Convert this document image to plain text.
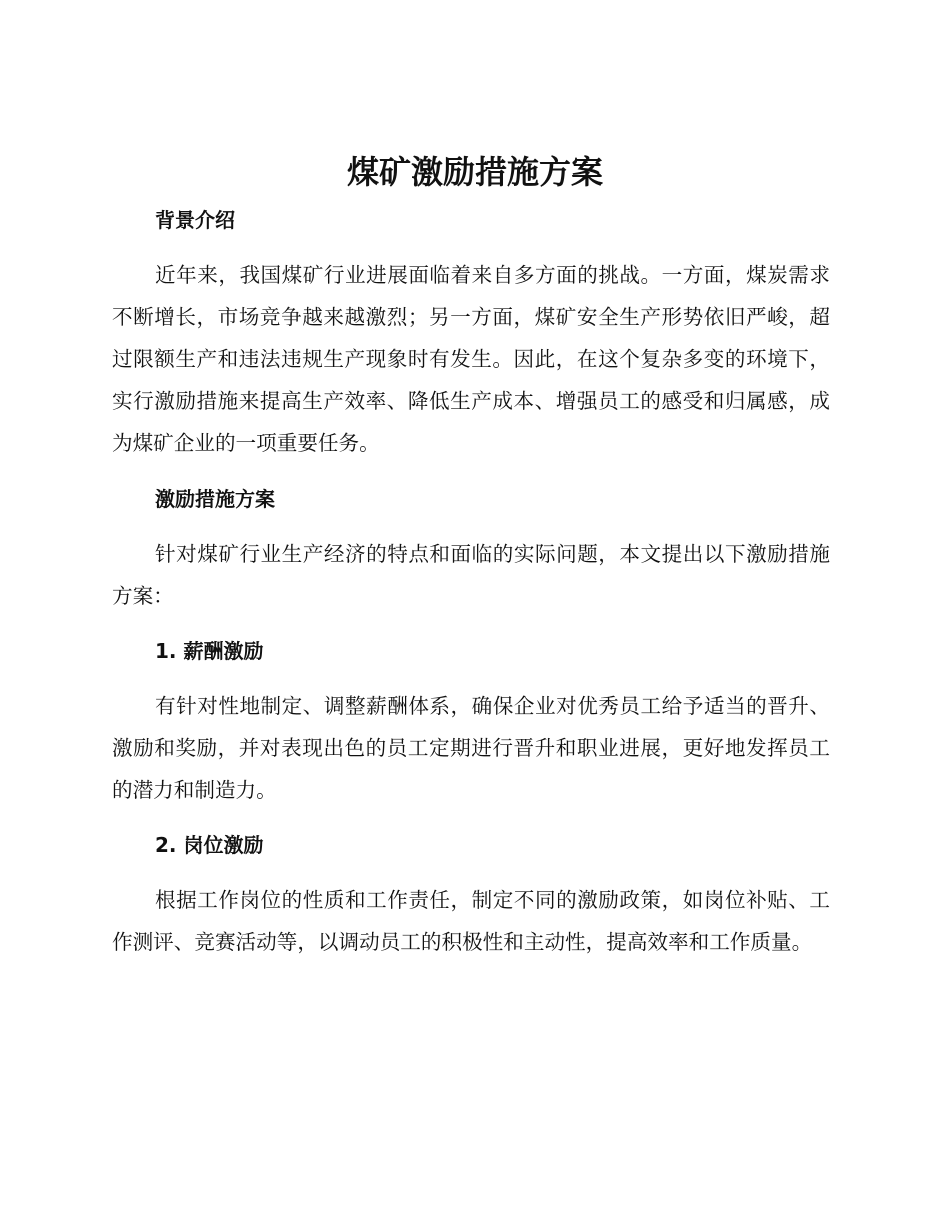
煤矿激励措施方案
背景介绍

近年来，我国煤矿行业进展面临着来自多方面的挑战。一方面，煤炭需求不断增长，市场竞争越来越激烈；另一方面，煤矿安全生产形势依旧严峻，超过限额生产和违法违规生产现象时有发生。因此，在这个复杂多变的环境下，实行激励措施来提高生产效率、降低生产成本、增强员工的感受和归属感，成为煤矿企业的一项重要任务。

激励措施方案

针对煤矿行业生产经济的特点和面临的实际问题，本文提出以下激励措施方案：

1. 薪酬激励

有针对性地制定、调整薪酬体系，确保企业对优秀员工给予适当的晋升、激励和奖励，并对表现出色的员工定期进行晋升和职业进展，更好地发挥员工的潜力和制造力。

2. 岗位激励

根据工作岗位的性质和工作责任，制定不同的激励政策，如岗位补贴、工作测评、竞赛活动等，以调动员工的积极性和主动性，提高效率和工作质量。
